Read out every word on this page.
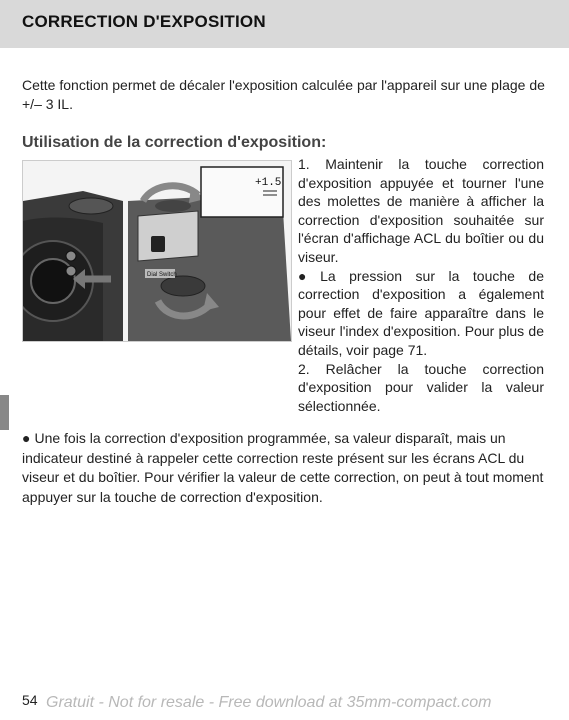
CORRECTION D'EXPOSITION
Cette fonction permet de décaler l'exposition calculée par l'appareil sur une plage de +/– 3 IL.
Utilisation de la correction d'exposition:
Dial Switch
+1.5

1. Maintenir la touche correction d'exposition appuyée et tourner l'une des molettes de manière à afficher la correction d'exposition souhaitée sur l'écran d'affichage ACL du boîtier ou du viseur.

● La pression sur la touche de correction d'exposition a également pour effet de faire apparaître dans le viseur l'index d'exposition. Pour plus de détails, voir page 71.

2. Relâcher la touche correction d'exposition pour valider la valeur sélectionnée.

● Une fois la correction d'exposition programmée, sa valeur disparaît, mais un indicateur destiné à rappeler cette correction reste présent sur les écrans ACL du viseur et du boîtier. Pour vérifier la valeur de cette correction, on peut à tout moment appuyer sur la touche de correction d'exposition.
54 Gratuit - Not for resale - Free download at 35mm-compact.com
